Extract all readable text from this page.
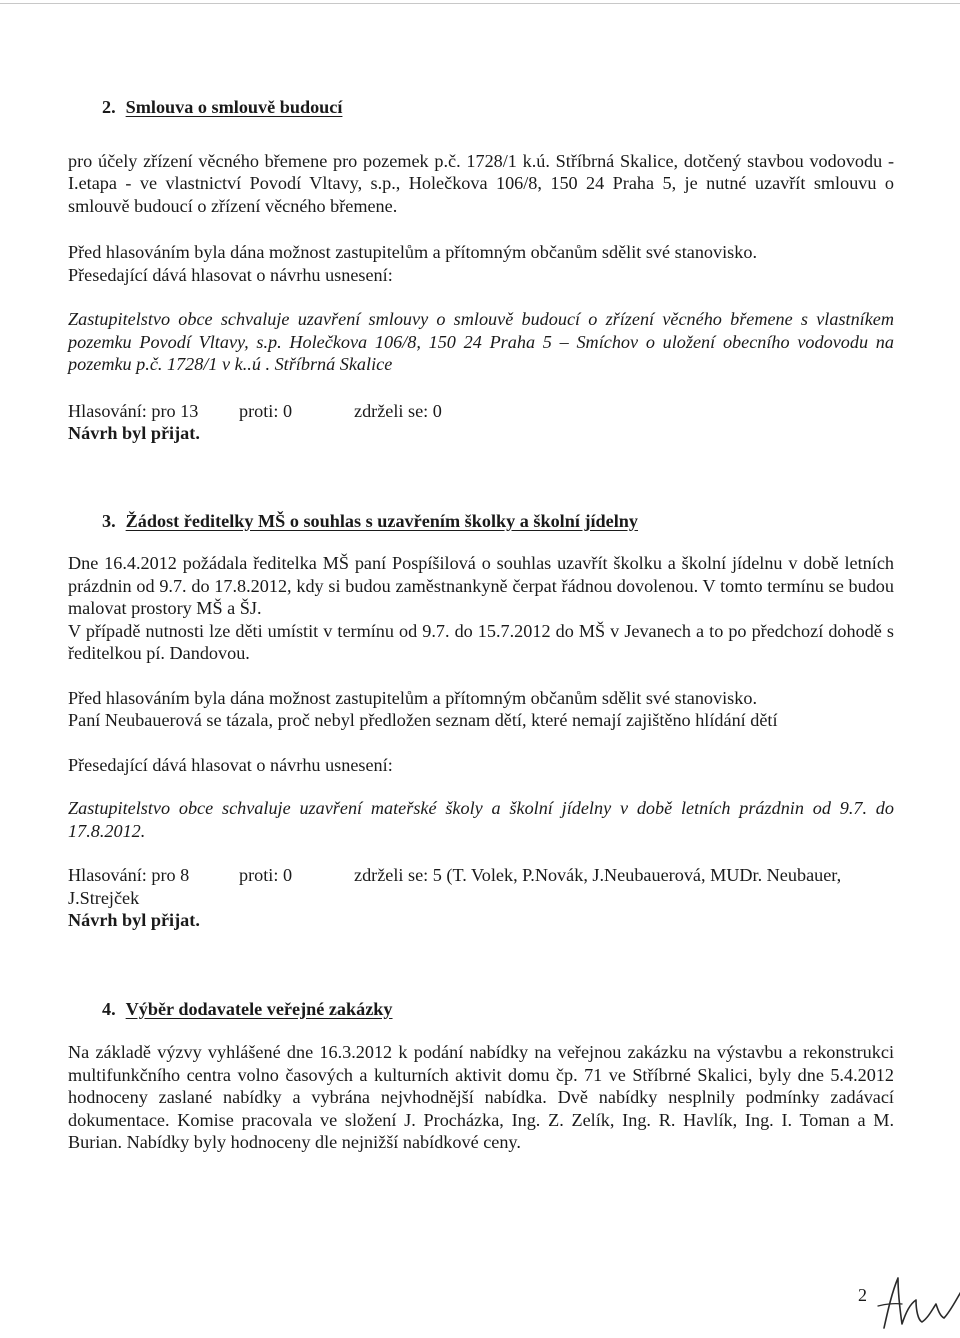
2. Smlouva o smlouvě budoucí

pro účely zřízení věcného břemene pro pozemek p.č. 1728/1 k.ú. Stříbrná Skalice, dotčený stavbou vodovodu - I.etapa - ve vlastnictví Povodí Vltavy, s.p., Holečkova 106/8, 150 24 Praha 5, je nutné uzavřít smlouvu o smlouvě budoucí o zřízení věcného břemene.

Před hlasováním byla dána možnost zastupitelům a přítomným občanům sdělit své stanovisko.

Přesedající dává hlasovat o návrhu usnesení:

Zastupitelstvo obce schvaluje uzavření smlouvy o smlouvě budoucí o zřízení věcného břemene s vlastníkem pozemku Povodí Vltavy, s.p. Holečkova 106/8, 150 24 Praha 5 – Smíchov o uložení obecního vodovodu na pozemku p.č. 1728/1 v k..ú . Stříbrná Skalice

Hlasování: pro 13 proti: 0	zdrželi se: 0

Návrh byl přijat.

3. Žádost ředitelky MŠ o souhlas s uzavřením školky a školní jídelny

Dne 16.4.2012 požádala ředitelka MŠ paní Pospíšilová o souhlas uzavřít školku a školní jídelnu v době letních prázdnin od 9.7. do 17.8.2012, kdy si budou zaměstnankyně čerpat řádnou dovolenou. V tomto termínu se budou malovat prostory MŠ a ŠJ.

V případě nutnosti lze děti umístit v termínu od 9.7. do 15.7.2012 do MŠ v Jevanech a to po předchozí dohodě s ředitelkou pí. Dandovou.

Před hlasováním byla dána možnost zastupitelům a přítomným občanům sdělit své stanovisko.

Paní Neubauerová se tázala, proč nebyl předložen seznam dětí, které nemají zajištěno hlídání dětí

Přesedající dává hlasovat o návrhu usnesení:

Zastupitelstvo obce schvaluje uzavření mateřské školy a školní jídelny v době letních prázdnin od 9.7. do 17.8.2012.

Hlasování: pro 8	proti: 0	zdrželi se: 5 (T. Volek, P.Novák, J.Neubauerová, MUDr. Neubauer,

J.Strejček

Návrh byl přijat.

4. Výběr dodavatele veřejné zakázky

Na základě výzvy vyhlášené dne 16.3.2012 k podání nabídky na veřejnou zakázku na výstavbu a rekonstrukci multifunkčního centra volno časových a kulturních aktivit domu čp. 71 ve Stříbrné Skalici, byly dne 5.4.2012 hodnoceny zaslané nabídky a vybrána nejvhodnější nabídka. Dvě nabídky nesplnily podmínky zadávací dokumentace. Komise pracovala ve složení J. Procházka, Ing. Z. Zelík, Ing. R. Havlík, Ing. I. Toman a M. Burian. Nabídky byly hodnoceny dle nejnižší nabídkové ceny.

2
